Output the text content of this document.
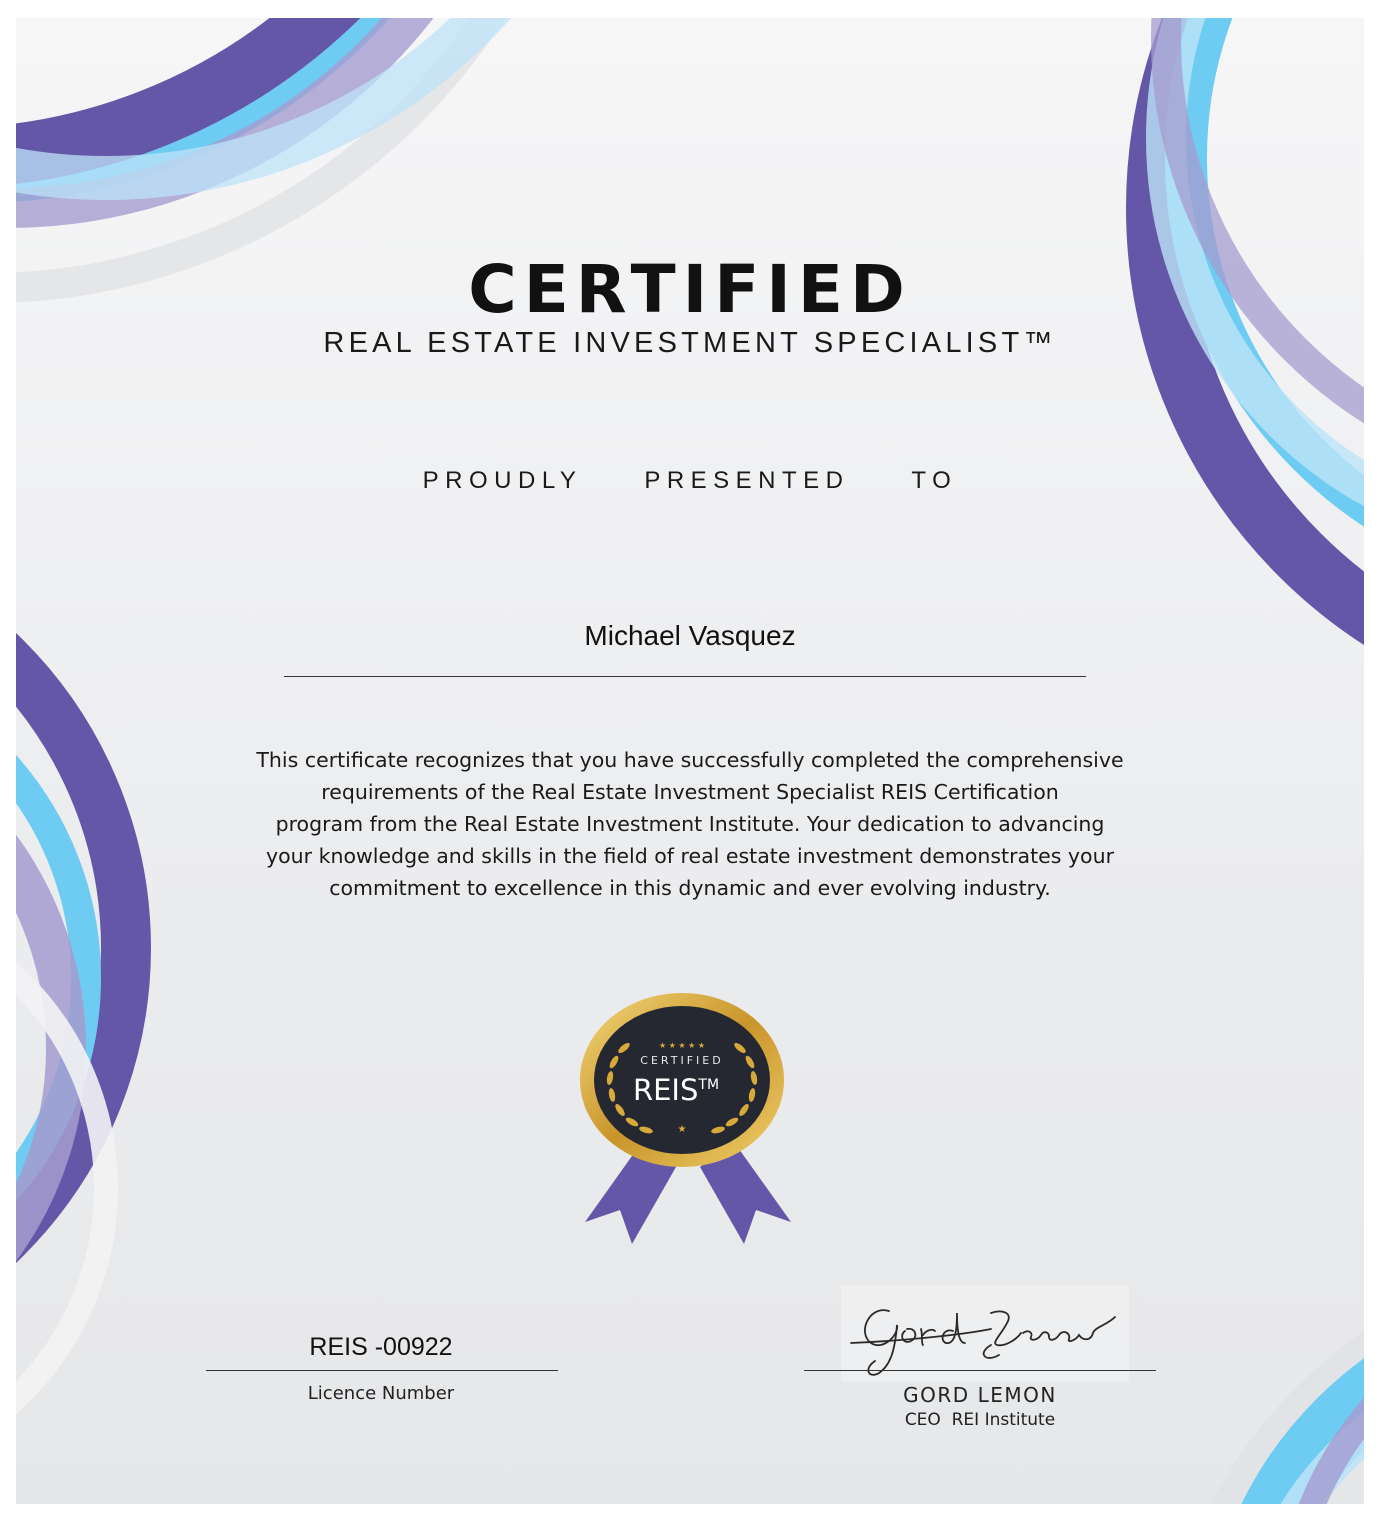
CERTIFIED
REAL ESTATE INVESTMENT SPECIALIST™
PROUDLY  PRESENTED  TO
Michael Vasquez
This certificate recognizes that you have successfully completed the comprehensive
requirements of the Real Estate Investment Specialist REIS Certification
program from the Real Estate Investment Institute. Your dedication to advancing
your knowledge and skills in the field of real estate investment demonstrates your
commitment to excellence in this dynamic and ever evolving industry.
★ ★ ★ ★ ★
★
CERTIFIED
REIS™
REIS -00922
Licence Number	GORD LEMON
CEO  REI Institute
